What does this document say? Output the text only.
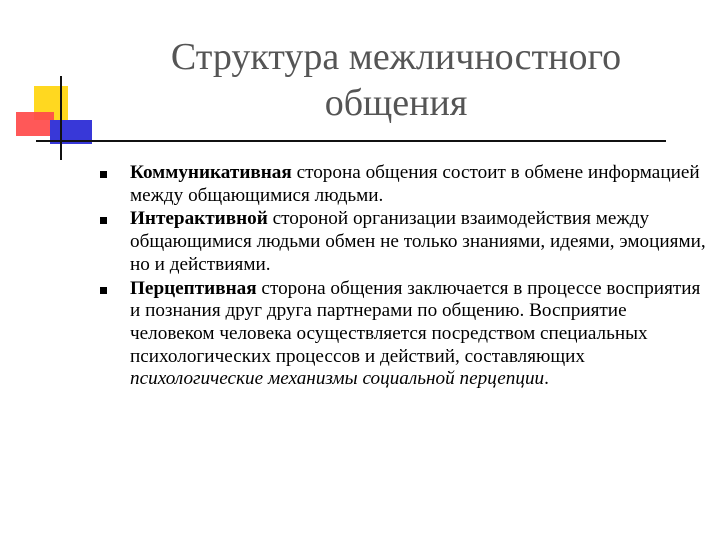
Структура межличностного
общения
Коммуникативная сторона общения состоит в обмене информацией между общающимися людьми.
Интерактивной стороной организации взаимодействия между общающимися людьми обмен не только знаниями, идеями, эмоциями, но и действиями.
Перцептивная сторона общения заключается в процессе восприятия и познания друг друга партнерами по общению. Восприятие человеком человека осуществляется посредством специальных психологических процессов и действий, составляющих психологические механизмы социальной перцепции.
